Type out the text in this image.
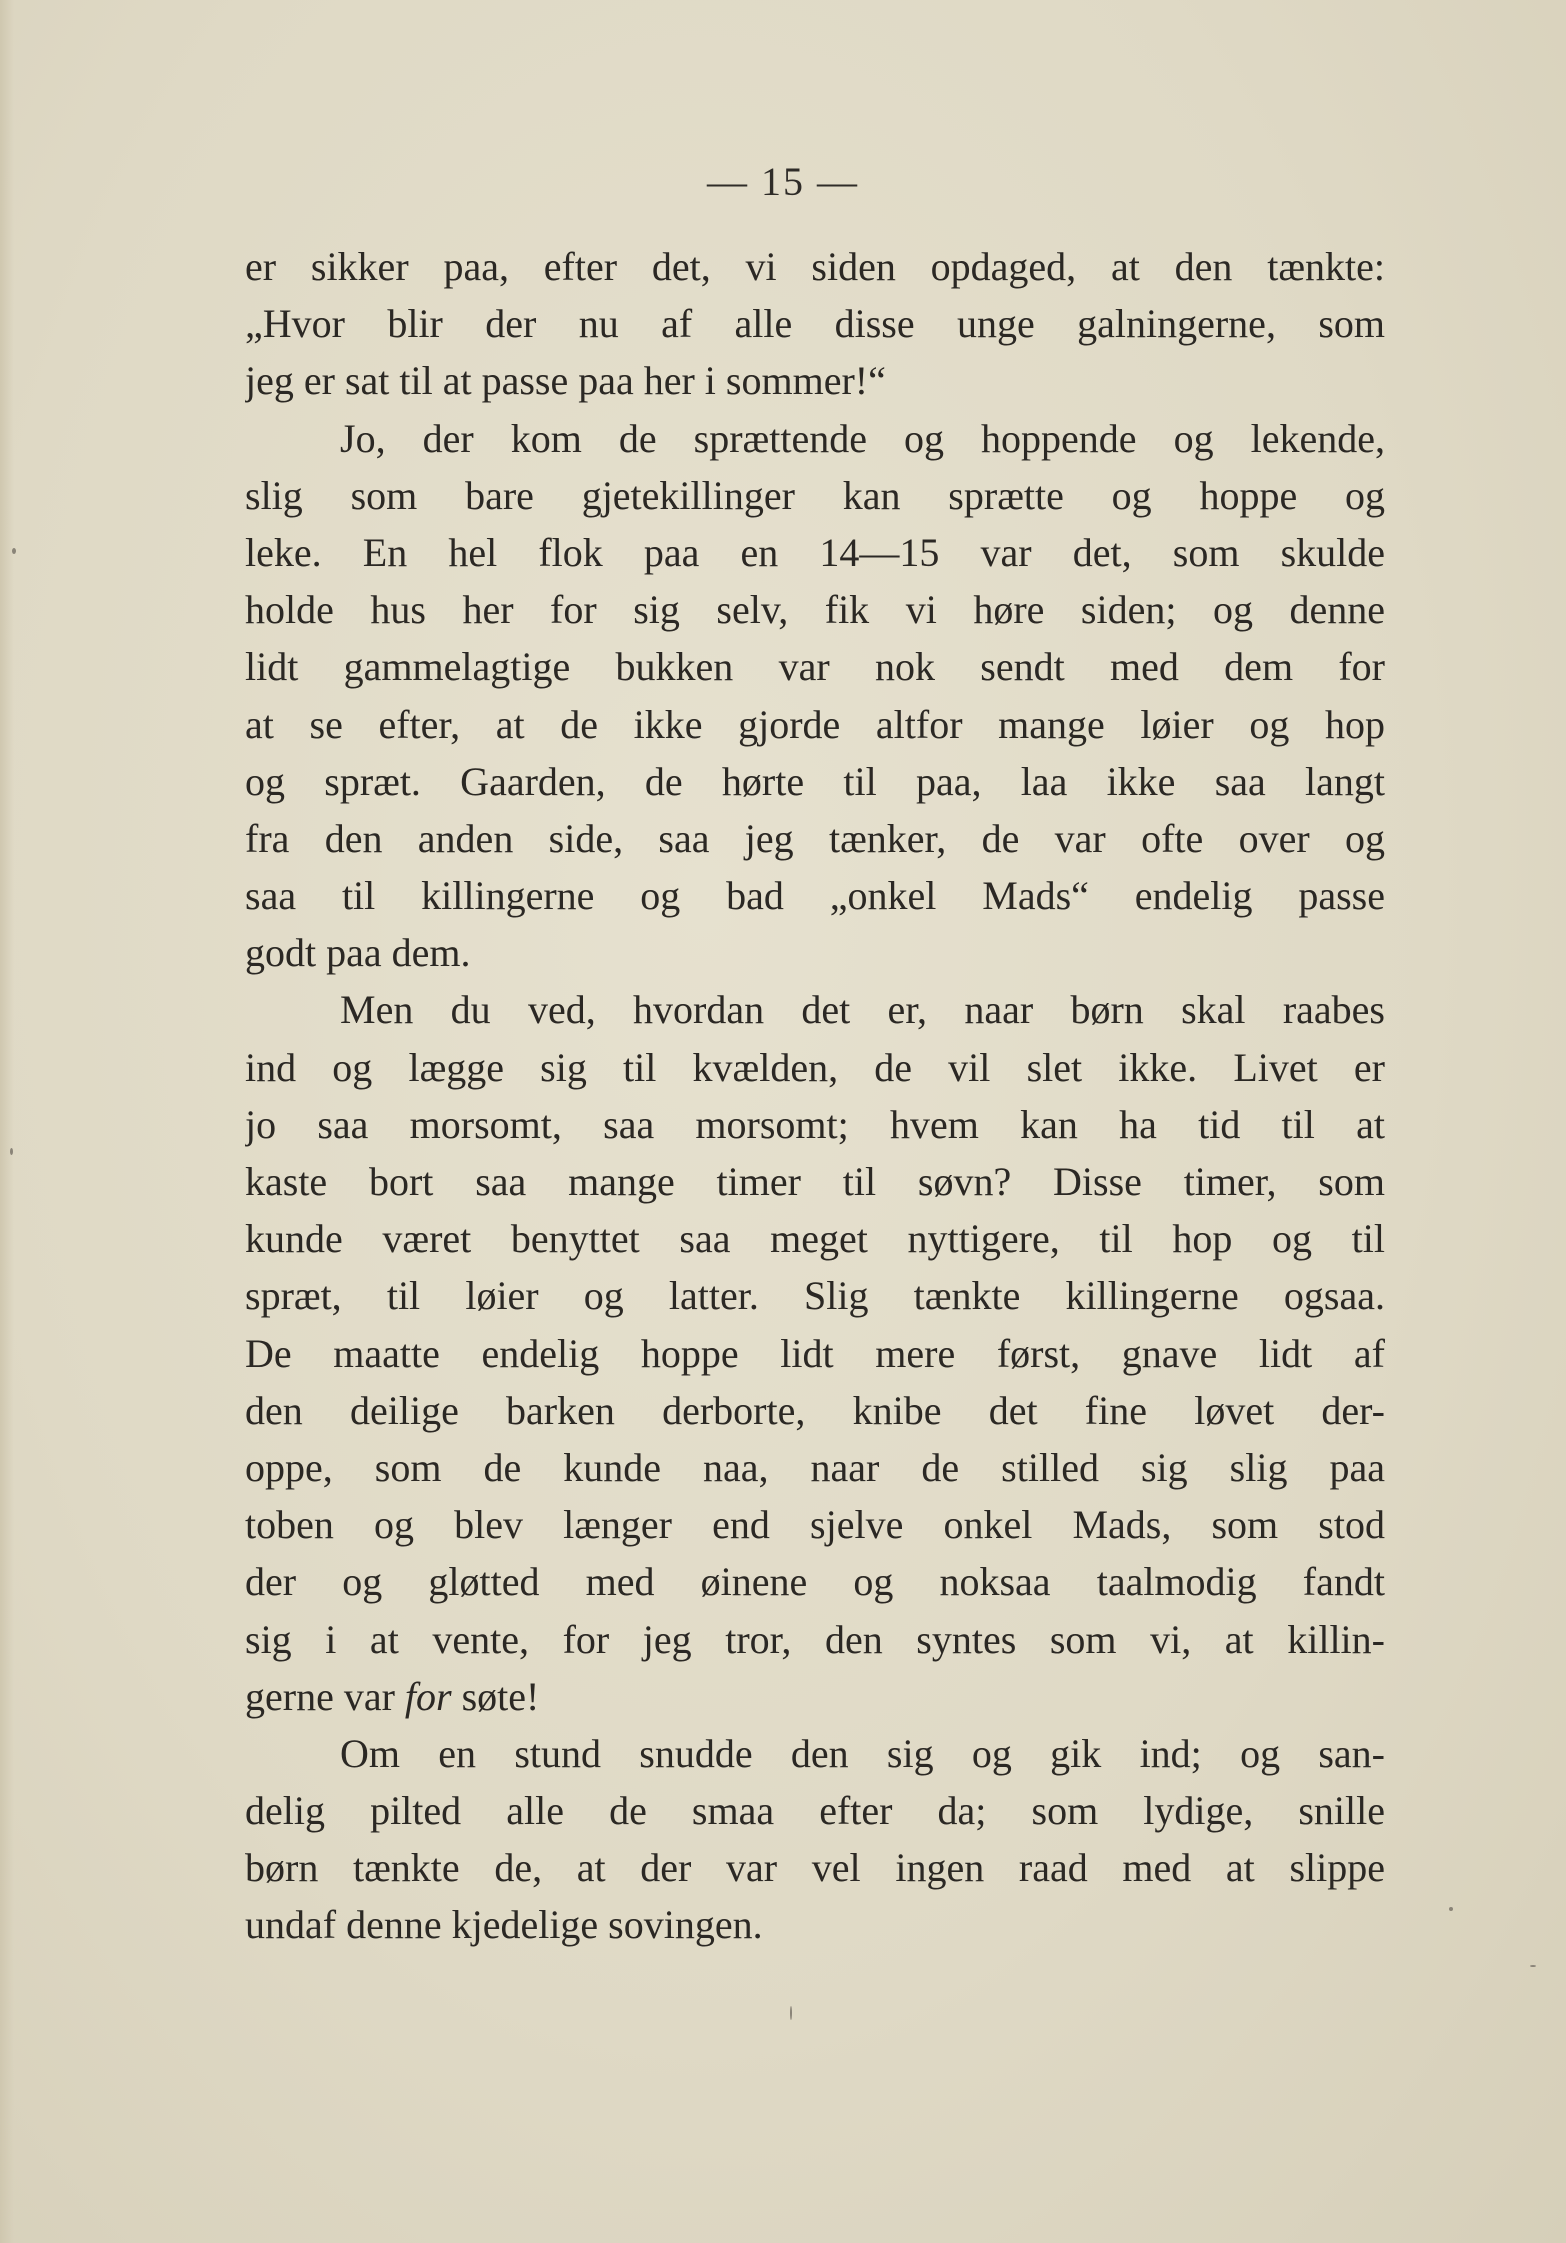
— 15 —
er sikker paa, efter det, vi siden opdaged, at den tænkte:
„Hvor blir der nu af alle disse unge galningerne, som
jeg er sat til at passe paa her i sommer!“
Jo, der kom de sprættende og hoppende og lekende,
slig som bare gjetekillinger kan sprætte og hoppe og
leke. En hel flok paa en 14—15 var det, som skulde
holde hus her for sig selv, fik vi høre siden; og denne
lidt gammelagtige bukken var nok sendt med dem for
at se efter, at de ikke gjorde altfor mange løier og hop
og spræt. Gaarden, de hørte til paa, laa ikke saa langt
fra den anden side, saa jeg tænker, de var ofte over og
saa til killingerne og bad „onkel Mads“ endelig passe
godt paa dem.
Men du ved, hvordan det er, naar børn skal raabes
ind og lægge sig til kvælden, de vil slet ikke. Livet er
jo saa morsomt, saa morsomt; hvem kan ha tid til at
kaste bort saa mange timer til søvn? Disse timer, som
kunde været benyttet saa meget nyttigere, til hop og til
spræt, til løier og latter. Slig tænkte killingerne ogsaa.
De maatte endelig hoppe lidt mere først, gnave lidt af
den deilige barken derborte, knibe det fine løvet der-
oppe, som de kunde naa, naar de stilled sig slig paa
toben og blev længer end sjelve onkel Mads, som stod
der og gløtted med øinene og noksaa taalmodig fandt
sig i at vente, for jeg tror, den syntes som vi, at killin-
gerne var for søte!
Om en stund snudde den sig og gik ind; og san-
delig pilted alle de smaa efter da; som lydige, snille
børn tænkte de, at der var vel ingen raad med at slippe
undaf denne kjedelige sovingen.
